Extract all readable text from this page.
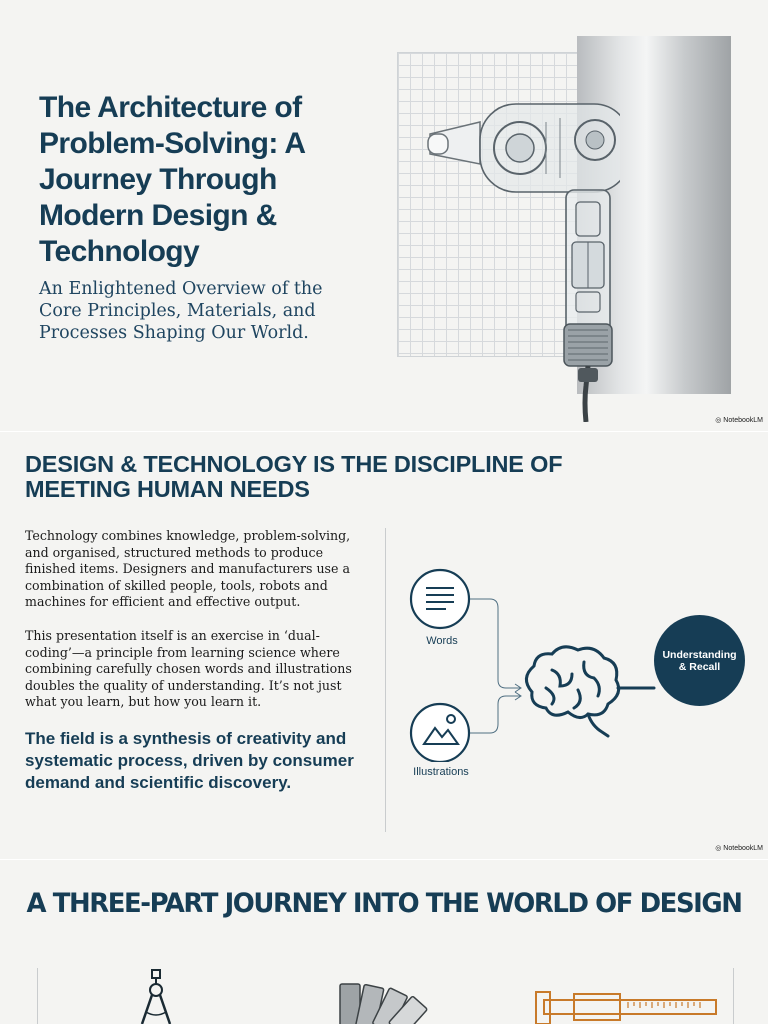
The Architecture of Problem-Solving: A Journey Through Modern Design & Technology

An Enlightened Overview of the Core Principles, Materials, and Processes Shaping Our World.

◎ NotebookLM
DESIGN & TECHNOLOGY IS THE DISCIPLINE OF MEETING HUMAN NEEDS

Technology combines knowledge, problem-solving, and organised, structured methods to produce finished items. Designers and manufacturers use a combination of skilled people, tools, robots and machines for efficient and effective output.

This presentation itself is an exercise in ‘dual-coding’—a principle from learning science where combining carefully chosen words and illustrations doubles the quality of understanding. It’s not just what you learn, but how you learn it.

The field is a synthesis of creativity and systematic process, driven by consumer demand and scientific discovery.

Words
Illustrations
Understanding & Recall
◎ NotebookLM
A THREE-PART JOURNEY INTO THE WORLD OF DESIGN
